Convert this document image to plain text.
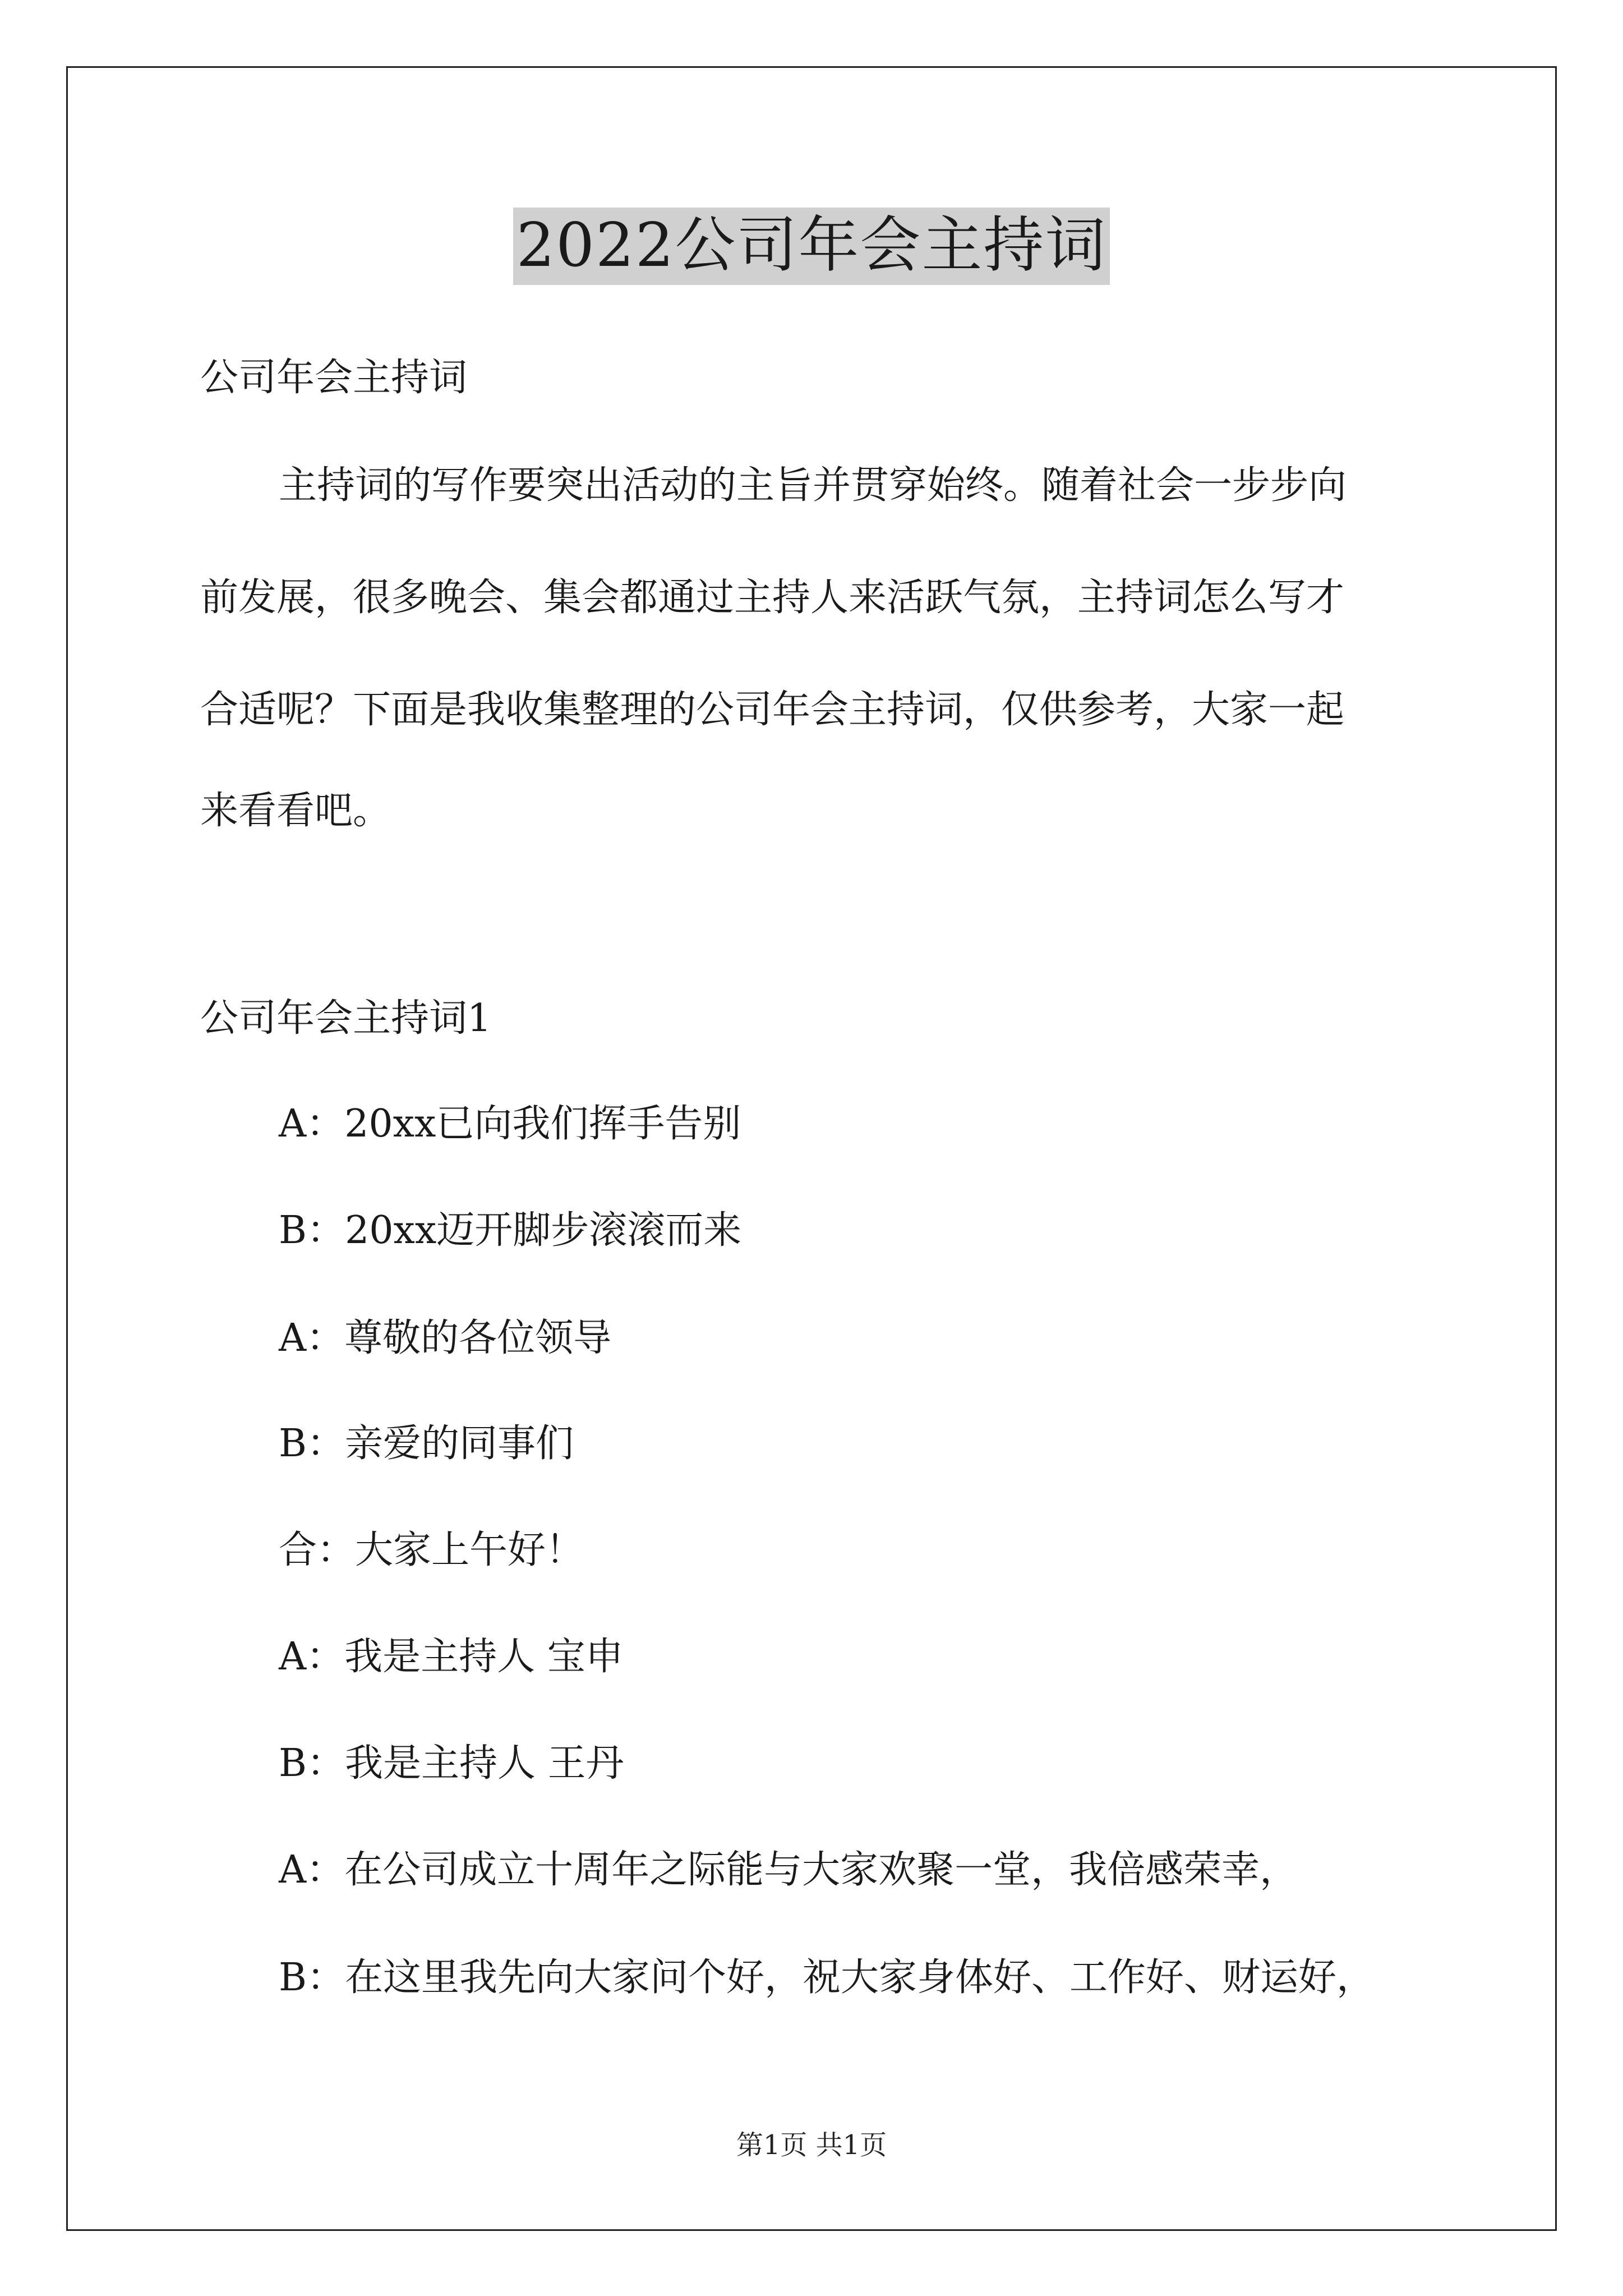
2022公司年会主持词

公司年会主持词

主持词的写作要突出活动的主旨并贯穿始终。随着社会一步步向

前发展，很多晚会、集会都通过主持人来活跃气氛，主持词怎么写才

合适呢？下面是我收集整理的公司年会主持词，仅供参考，大家一起

来看看吧。

公司年会主持词1

A：20xx已向我们挥手告别

B：20xx迈开脚步滚滚而来

A：尊敬的各位领导

B：亲爱的同事们

合：大家上午好！

A：我是主持人 宝申

B：我是主持人 王丹

A：在公司成立十周年之际能与大家欢聚一堂，我倍感荣幸，

B：在这里我先向大家问个好，祝大家身体好、工作好、财运好，

第1页 共1页
